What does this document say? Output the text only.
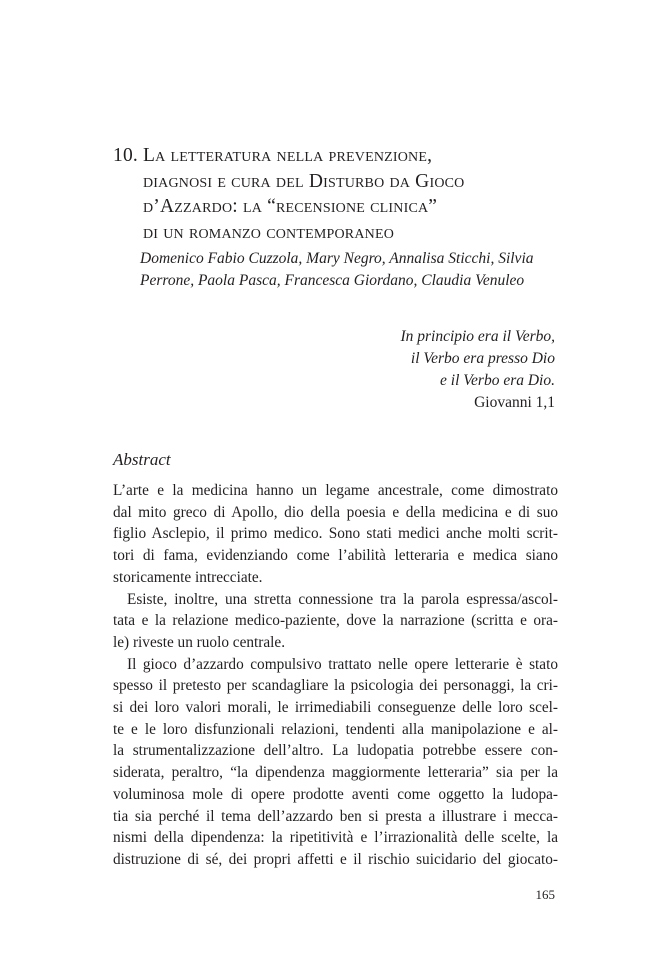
10. La letteratura nella prevenzione,
diagnosi e cura del Disturbo da Gioco
d’Azzardo: la “recensione clinica”
di un romanzo contemporaneo
Domenico Fabio Cuzzola, Mary Negro, Annalisa Sticchi, Silvia
Perrone, Paola Pasca, Francesca Giordano, Claudia Venuleo
In principio era il Verbo,
il Verbo era presso Dio
e il Verbo era Dio.
Giovanni 1,1
Abstract
L’arte e la medicina hanno un legame ancestrale, come dimostrato
dal mito greco di Apollo, dio della poesia e della medicina e di suo
figlio Asclepio, il primo medico. Sono stati medici anche molti scrit-
tori di fama, evidenziando come l’abilità letteraria e medica siano
storicamente intrecciate.
Esiste, inoltre, una stretta connessione tra la parola espressa/ascol-
tata e la relazione medico-paziente, dove la narrazione (scritta e ora-
le) riveste un ruolo centrale.
Il gioco d’azzardo compulsivo trattato nelle opere letterarie è stato
spesso il pretesto per scandagliare la psicologia dei personaggi, la cri-
si dei loro valori morali, le irrimediabili conseguenze delle loro scel-
te e le loro disfunzionali relazioni, tendenti alla manipolazione e al-
la strumentalizzazione dell’altro. La ludopatia potrebbe essere con-
siderata, peraltro, “la dipendenza maggiormente letteraria” sia per la
voluminosa mole di opere prodotte aventi come oggetto la ludopa-
tia sia perché il tema dell’azzardo ben si presta a illustrare i mecca-
nismi della dipendenza: la ripetitività e l’irrazionalità delle scelte, la
distruzione di sé, dei propri affetti e il rischio suicidario del giocato-
165
